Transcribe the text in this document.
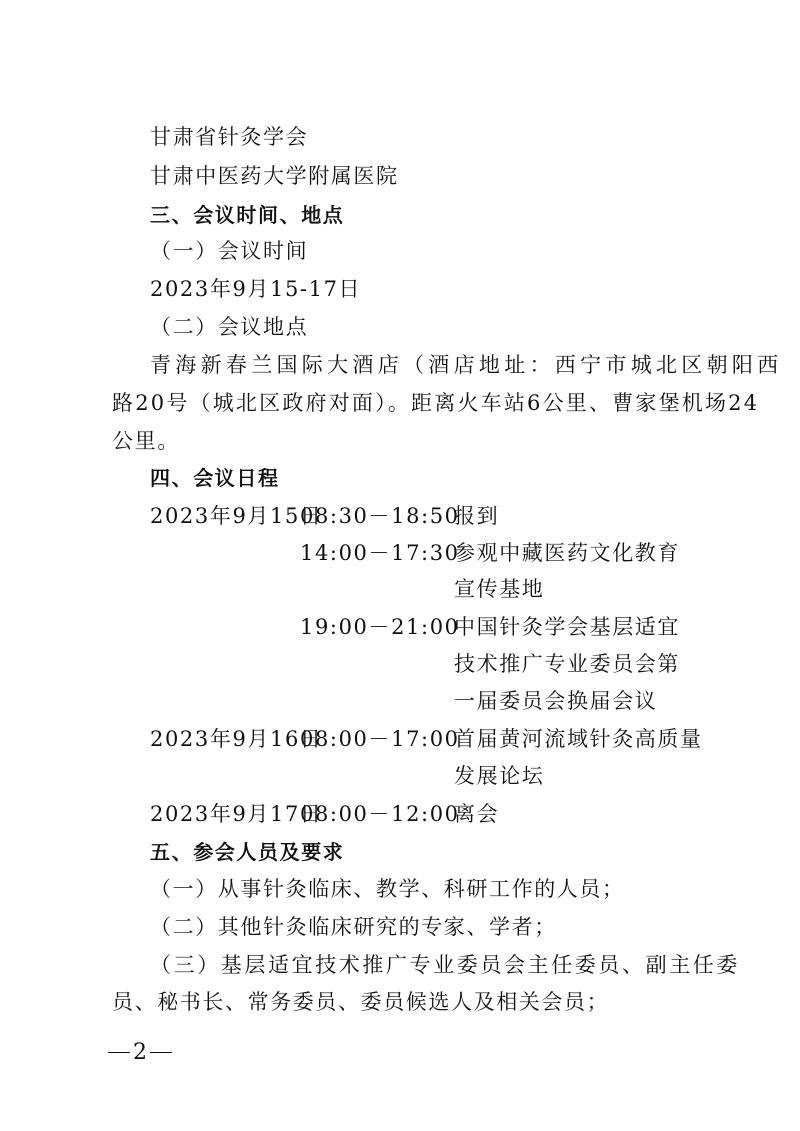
甘肃省针灸学会
甘肃中医药大学附属医院
三、会议时间、地点
（一）会议时间
2023年9月15-17日
（二）会议地点
青海新春兰国际大酒店（酒店地址：西宁市城北区朝阳西
路20号（城北区政府对面）。距离火车站6公里、曹家堡机场24
公里。
四、会议日程
2023年9月15日
08:30－18:50
报到
14:00－17:30
参观中藏医药文化教育
宣传基地
19:00－21:00
中国针灸学会基层适宜
技术推广专业委员会第
一届委员会换届会议
2023年9月16日
08:00－17:00
首届黄河流域针灸高质量
发展论坛
2023年9月17日
08:00－12:00
离会
五、参会人员及要求
（一）从事针灸临床、教学、科研工作的人员；
（二）其他针灸临床研究的专家、学者；
（三）基层适宜技术推广专业委员会主任委员、副主任委
员、秘书长、常务委员、委员候选人及相关会员；
2
